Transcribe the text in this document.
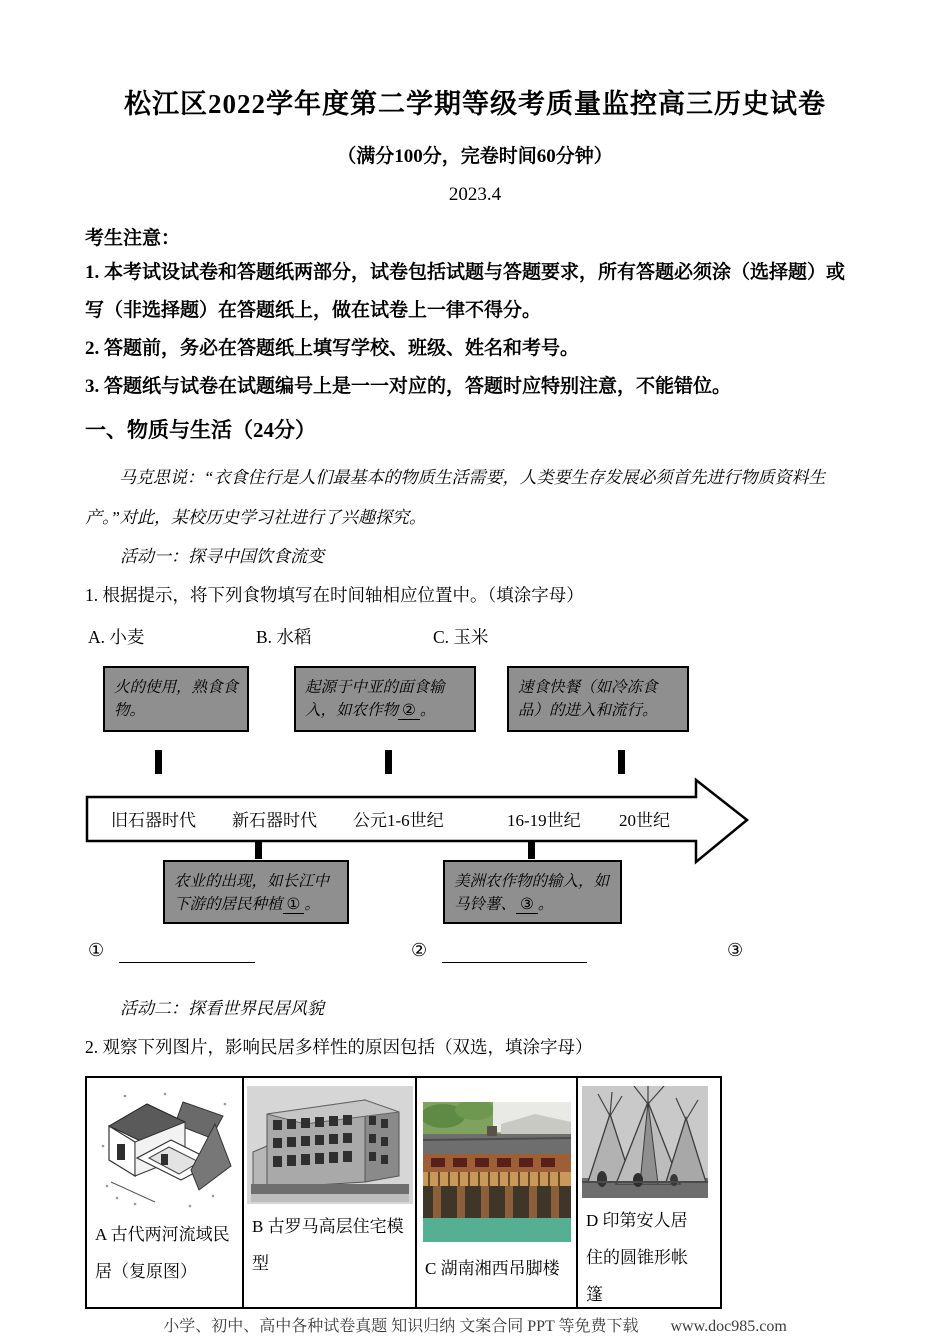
松江区2022学年度第二学期等级考质量监控高三历史试卷
（满分100分，完卷时间60分钟）
2023.4
考生注意：
1. 本考试设试卷和答题纸两部分，试卷包括试题与答题要求，所有答题必须涂（选择题）或
写（非选择题）在答题纸上，做在试卷上一律不得分。
2. 答题前，务必在答题纸上填写学校、班级、姓名和考号。
3. 答题纸与试卷在试题编号上是一一对应的，答题时应特别注意，不能错位。
一、物质与生活（24分）
马克思说：“衣食住行是人们最基本的物质生活需要，人类要生存发展必须首先进行物质资料生
产。”对此，某校历史学习社进行了兴趣探究。
活动一：探寻中国饮食流变
1. 根据提示，将下列食物填写在时间轴相应位置中。（填涂字母）
A. 小麦	B. 水稻	C. 玉米
火的使用，熟食食物。
起源于中亚的面食输入，如农作物 ② 。
速食快餐（如冷冻食品）的进入和流行。
旧石器时代 新石器时代 公元1-6世纪	16-19世纪 20世纪
农业的出现，如长江中下游的居民种植 ① 。
美洲农作物的输入，如马铃薯、 ③ 。
①	②	③
活动二：探看世界民居风貌
2. 观察下列图片，影响民居多样性的原因包括（双选，填涂字母）
A 古代两河流域民居（复原图）
B 古罗马高层住宅模型	C 湖南湘西吊脚楼
D 印第安人居住的圆锥形帐篷
小学、初中、高中各种试卷真题 知识归纳 文案合同 PPT 等免费下载 www.doc985.com
